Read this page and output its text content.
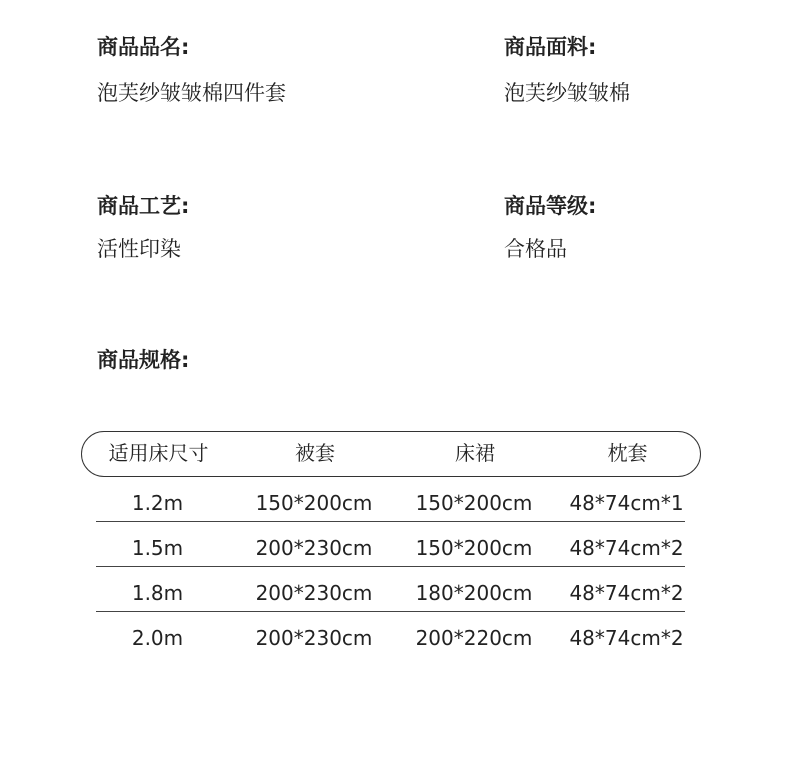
商品品名:
泡芙纱皱皱棉四件套
商品面料:
泡芙纱皱皱棉
商品工艺:
活性印染
商品等级:
合格品
商品规格:
适用床尺寸	被套	床裙	枕套
1.2m	150*200cm	150*200cm	48*74cm*1
1.5m	200*230cm	150*200cm	48*74cm*2
1.8m	200*230cm	180*200cm	48*74cm*2
2.0m	200*230cm	200*220cm	48*74cm*2
